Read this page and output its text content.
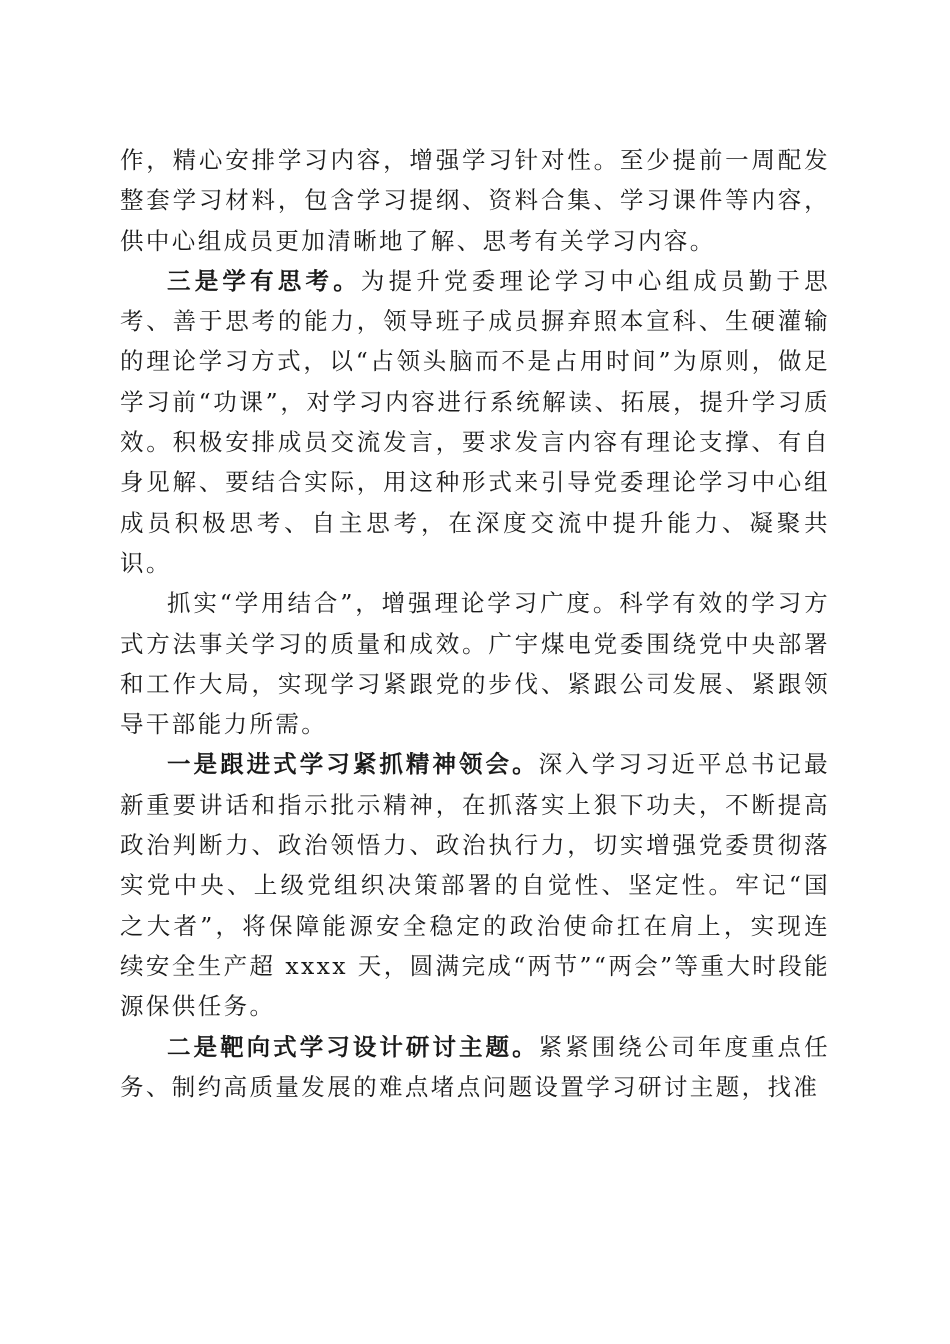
作，精心安排学习内容，增强学习针对性。至少提前一周配发整套学习材料，包含学习提纲、资料合集、学习课件等内容，供中心组成员更加清晰地了解、思考有关学习内容。

三是学有思考。为提升党委理论学习中心组成员勤于思考、善于思考的能力，领导班子成员摒弃照本宣科、生硬灌输的理论学习方式，以“占领头脑而不是占用时间”为原则，做足学习前“功课”，对学习内容进行系统解读、拓展，提升学习质效。积极安排成员交流发言，要求发言内容有理论支撑、有自身见解、要结合实际，用这种形式来引导党委理论学习中心组成员积极思考、自主思考，在深度交流中提升能力、凝聚共识。

抓实“学用结合”，增强理论学习广度。科学有效的学习方式方法事关学习的质量和成效。广宇煤电党委围绕党中央部署和工作大局，实现学习紧跟党的步伐、紧跟公司发展、紧跟领导干部能力所需。

一是跟进式学习紧抓精神领会。深入学习习近平总书记最新重要讲话和指示批示精神，在抓落实上狠下功夫，不断提高政治判断力、政治领悟力、政治执行力，切实增强党委贯彻落实党中央、上级党组织决策部署的自觉性、坚定性。牢记“国之大者”，将保障能源安全稳定的政治使命扛在肩上，实现连续安全生产超 xxxx 天，圆满完成“两节”“两会”等重大时段能源保供任务。

二是靶向式学习设计研讨主题。紧紧围绕公司年度重点任务、制约高质量发展的难点堵点问题设置学习研讨主题，找准
